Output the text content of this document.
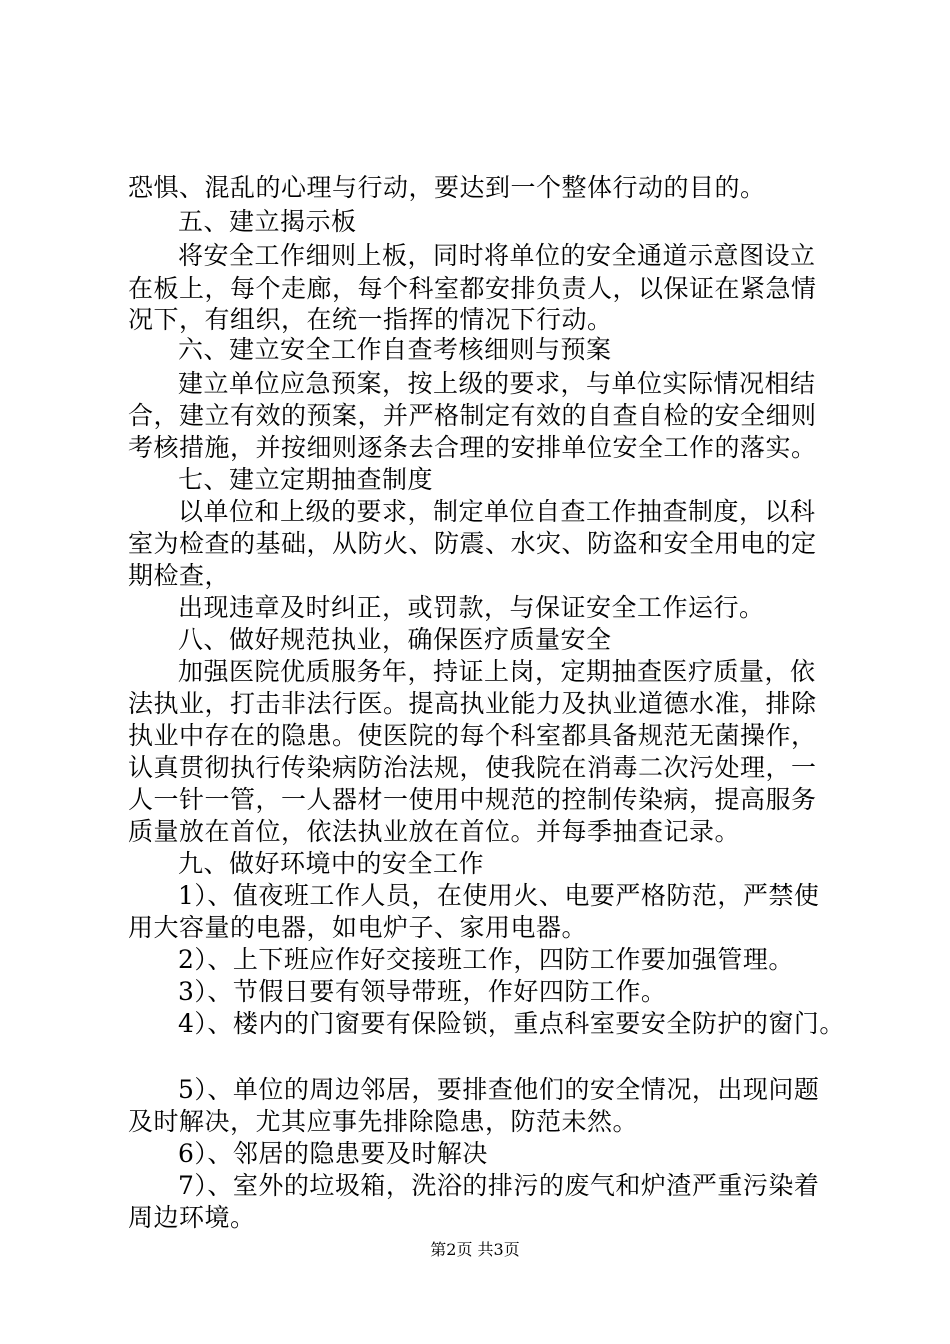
恐惧、混乱的心理与行动，要达到一个整体行动的目的。
五、建立揭示板
将安全工作细则上板，同时将单位的安全通道示意图设立
在板上，每个走廊，每个科室都安排负责人，以保证在紧急情
况下，有组织，在统一指挥的情况下行动。
六、建立安全工作自查考核细则与预案
建立单位应急预案，按上级的要求，与单位实际情况相结
合，建立有效的预案，并严格制定有效的自查自检的安全细则
考核措施，并按细则逐条去合理的安排单位安全工作的落实。
七、建立定期抽查制度
以单位和上级的要求，制定单位自查工作抽查制度，以科
室为检查的基础，从防火、防震、水灾、防盗和安全用电的定
期检查，
出现违章及时纠正，或罚款，与保证安全工作运行。
八、做好规范执业，确保医疗质量安全
加强医院优质服务年，持证上岗，定期抽查医疗质量，依
法执业，打击非法行医。提高执业能力及执业道德水准，排除
执业中存在的隐患。使医院的每个科室都具备规范无菌操作，
认真贯彻执行传染病防治法规，使我院在消毒二次污处理，一
人一针一管，一人器材一使用中规范的控制传染病，提高服务
质量放在首位，依法执业放在首位。并每季抽查记录。
九、做好环境中的安全工作
1）、值夜班工作人员，在使用火、电要严格防范，严禁使
用大容量的电器，如电炉子、家用电器。
2）、上下班应作好交接班工作，四防工作要加强管理。
3）、节假日要有领导带班，作好四防工作。
4）、楼内的门窗要有保险锁，重点科室要安全防护的窗门。
5）、单位的周边邻居，要排查他们的安全情况，出现问题
及时解决，尤其应事先排除隐患，防范未然。
6）、邻居的隐患要及时解决
7）、室外的垃圾箱，洗浴的排污的废气和炉渣严重污染着
周边环境。
第2页 共3页
